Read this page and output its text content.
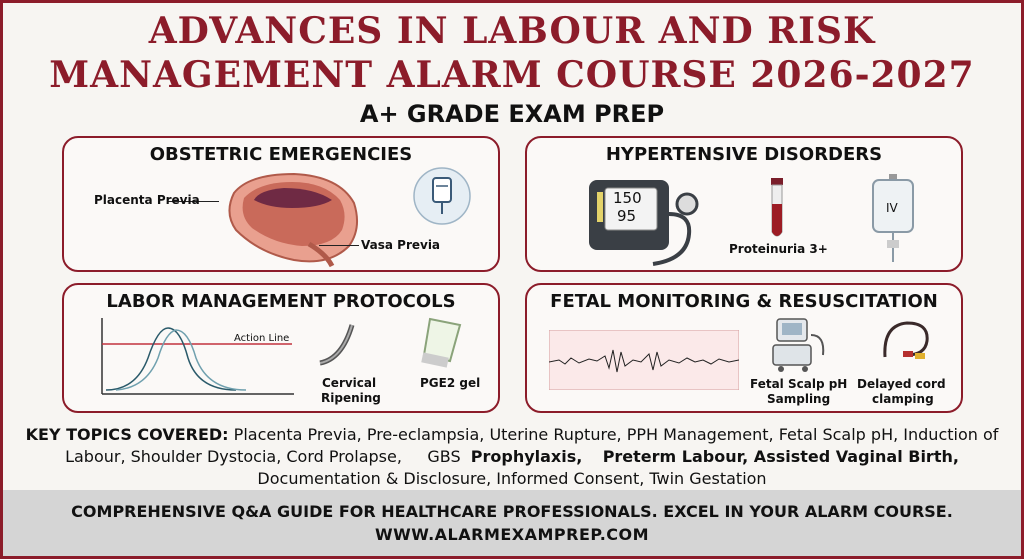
ADVANCES IN LABOUR AND RISK
MANAGEMENT ALARM COURSE 2026-2027
A+ GRADE EXAM PREP
OBSTETRIC EMERGENCIES
Placenta Previa
Vasa Previa
HYPERTENSIVE DISORDERS
150
95
Proteinuria 3+
IV
LABOR MANAGEMENT PROTOCOLS
Action Line
Cervical
Ripening
PGE2 gel
FETAL MONITORING & RESUSCITATION
Fetal Scalp pH
Sampling
Delayed cord
clamping
KEY TOPICS COVERED: Placenta Previa, Pre-eclampsia, Uterine Rupture, PPH Management, Fetal Scalp pH, Induction of Labour, Shoulder Dystocia, Cord Prolapse,     GBS  Prophylaxis, Preterm Labour, Assisted Vaginal Birth,  Documentation & Disclosure, Informed Consent, Twin Gestation
COMPREHENSIVE Q&A GUIDE FOR HEALTHCARE PROFESSIONALS. EXCEL IN YOUR ALARM COURSE.
WWW.ALARMEXAMPREP.COM
